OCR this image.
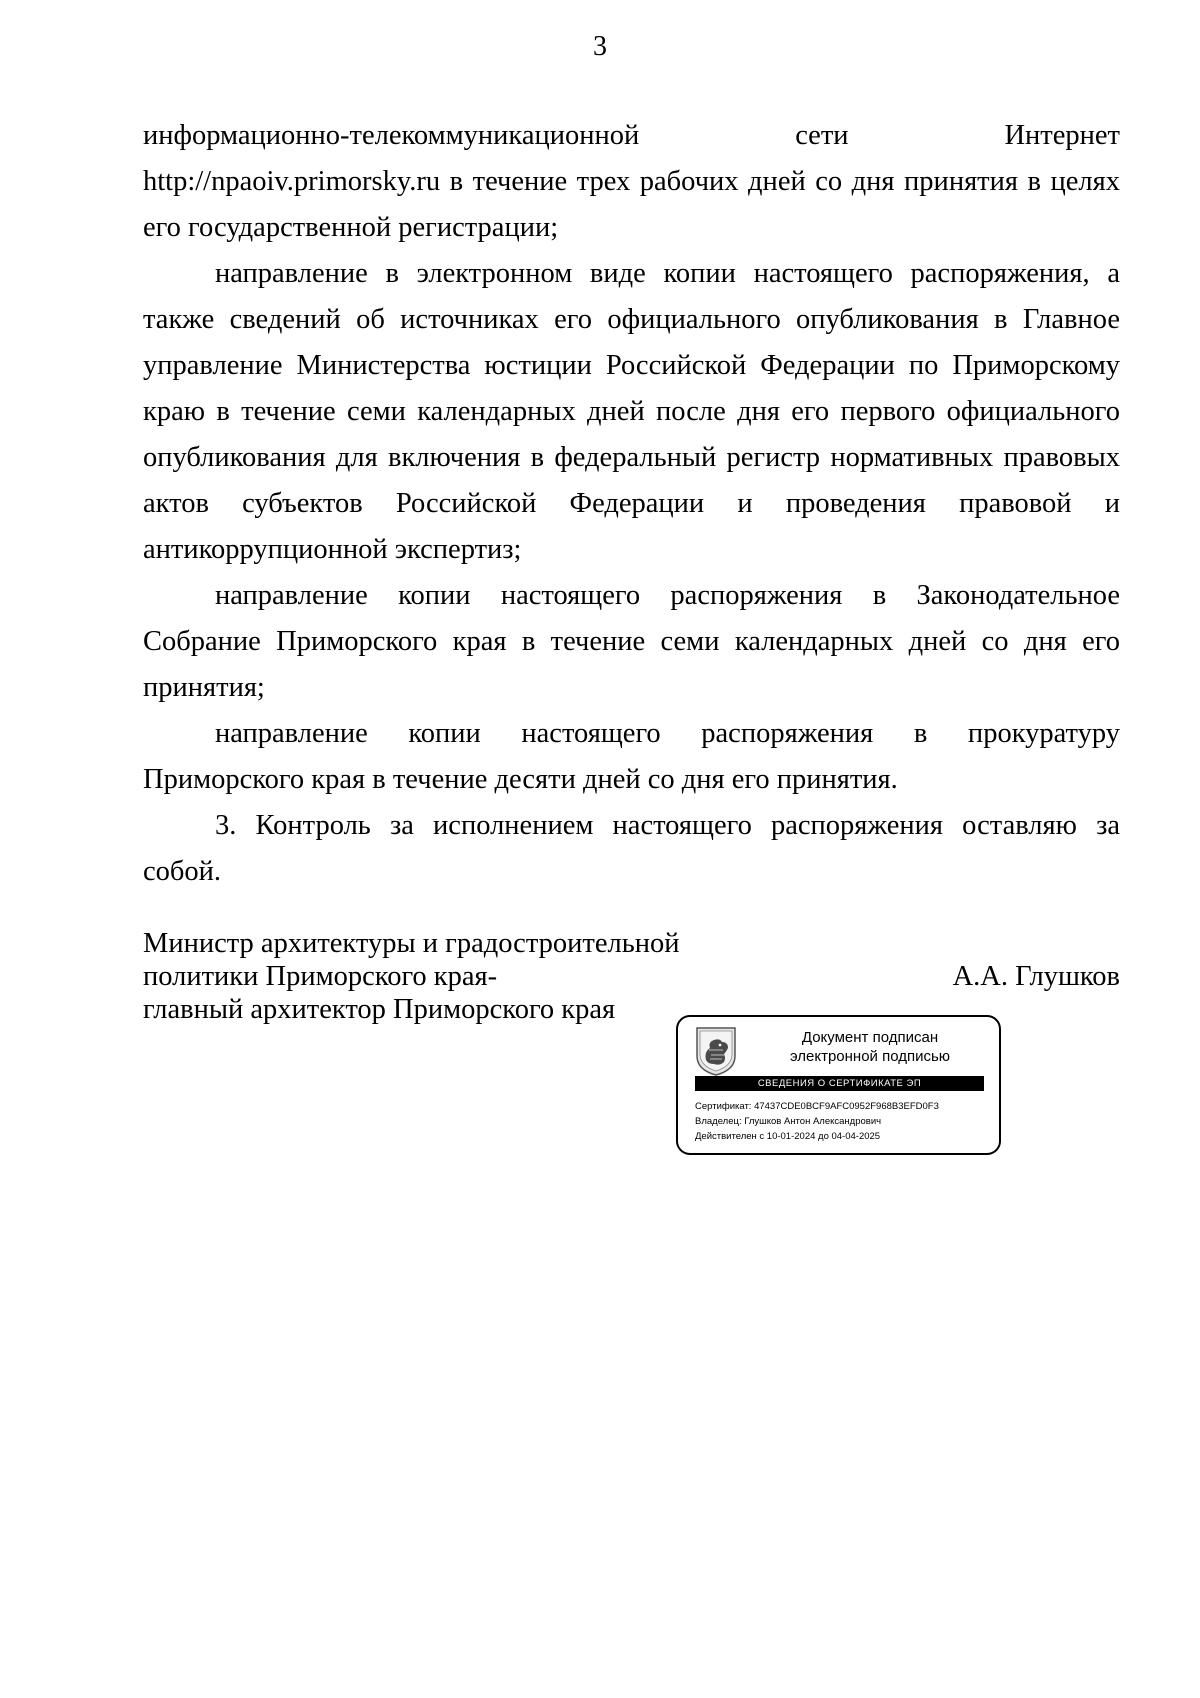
3

информационно-телекоммуникационной	сети	Интернет

http://npaoiv.primorsky.ru в течение трех рабочих дней со дня принятия в целях его государственной регистрации;

направление в электронном виде копии настоящего распоряжения, а также сведений об источниках его официального опубликования в Главное управление Министерства юстиции Российской Федерации по Приморскому краю в течение семи календарных дней после дня его первого официального опубликования для включения в федеральный регистр нормативных правовых актов субъектов Российской Федерации и проведения правовой и антикоррупционной экспертиз;

направление копии настоящего распоряжения в Законодательное Собрание Приморского края в течение семи календарных дней со дня его принятия;

направление копии настоящего распоряжения в прокуратуру Приморского края в течение десяти дней со дня его принятия.

3. Контроль за исполнением настоящего распоряжения оставляю за собой.

Министр архитектуры и градостроительной
политики Приморского края-
главный архитектор Приморского края
А.А. Глушков
Документ подписан
электронной подписью
СВЕДЕНИЯ О СЕРТИФИКАТЕ ЭП
Сертификат: 47437CDE0BCF9AFC0952F968B3EFD0F3
Владелец: Глушков Антон Александрович
Действителен с 10-01-2024 до 04-04-2025
